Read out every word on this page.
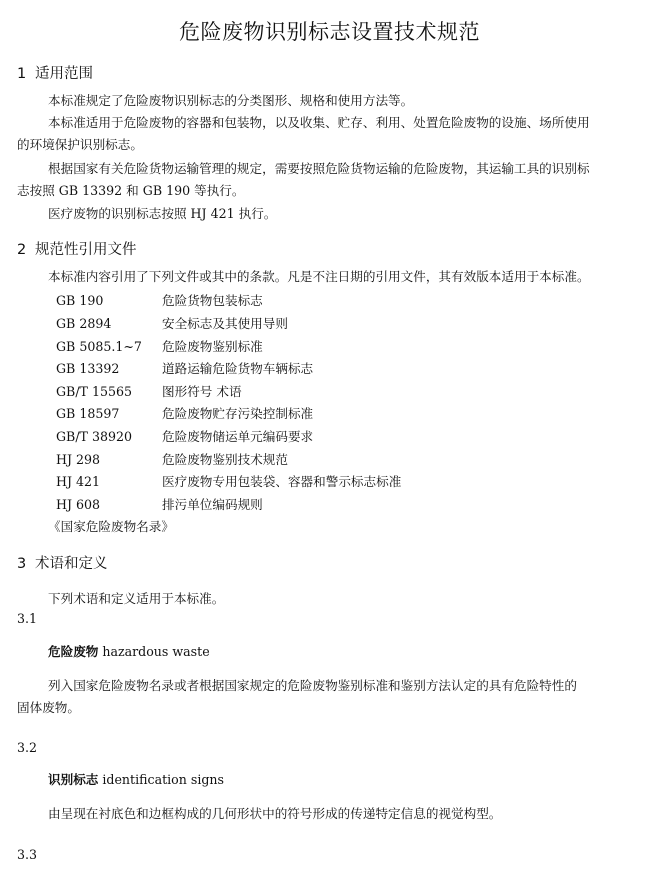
危险废物识别标志设置技术规范
1 适用范围
本标准规定了危险废物识别标志的分类图形、规格和使用方法等。
本标准适用于危险废物的容器和包装物，以及收集、贮存、利用、处置危险废物的设施、场所使用
的环境保护识别标志。
根据国家有关危险货物运输管理的规定，需要按照危险货物运输的危险废物，其运输工具的识别标
志按照 GB 13392 和 GB 190 等执行。
医疗废物的识别标志按照 HJ 421 执行。
2 规范性引用文件
本标准内容引用了下列文件或其中的条款。凡是不注日期的引用文件，其有效版本适用于本标准。
GB 190	危险货物包装标志
GB 2894	安全标志及其使用导则
GB 5085.1~7 危险废物鉴别标准
GB 13392	道路运输危险货物车辆标志
GB/T 15565 图形符号 术语
GB 18597	危险废物贮存污染控制标准
GB/T 38920 危险废物储运单元编码要求
HJ 298	危险废物鉴别技术规范
HJ 421	医疗废物专用包装袋、容器和警示标志标准
HJ 608	排污单位编码规则
《国家危险废物名录》
3 术语和定义
下列术语和定义适用于本标准。
3.1
危险废物 hazardous waste
列入国家危险废物名录或者根据国家规定的危险废物鉴别标准和鉴别方法认定的具有危险特性的
固体废物。
3.2
识别标志 identification signs
由呈现在衬底色和边框构成的几何形状中的符号形成的传递特定信息的视觉构型。
3.3
